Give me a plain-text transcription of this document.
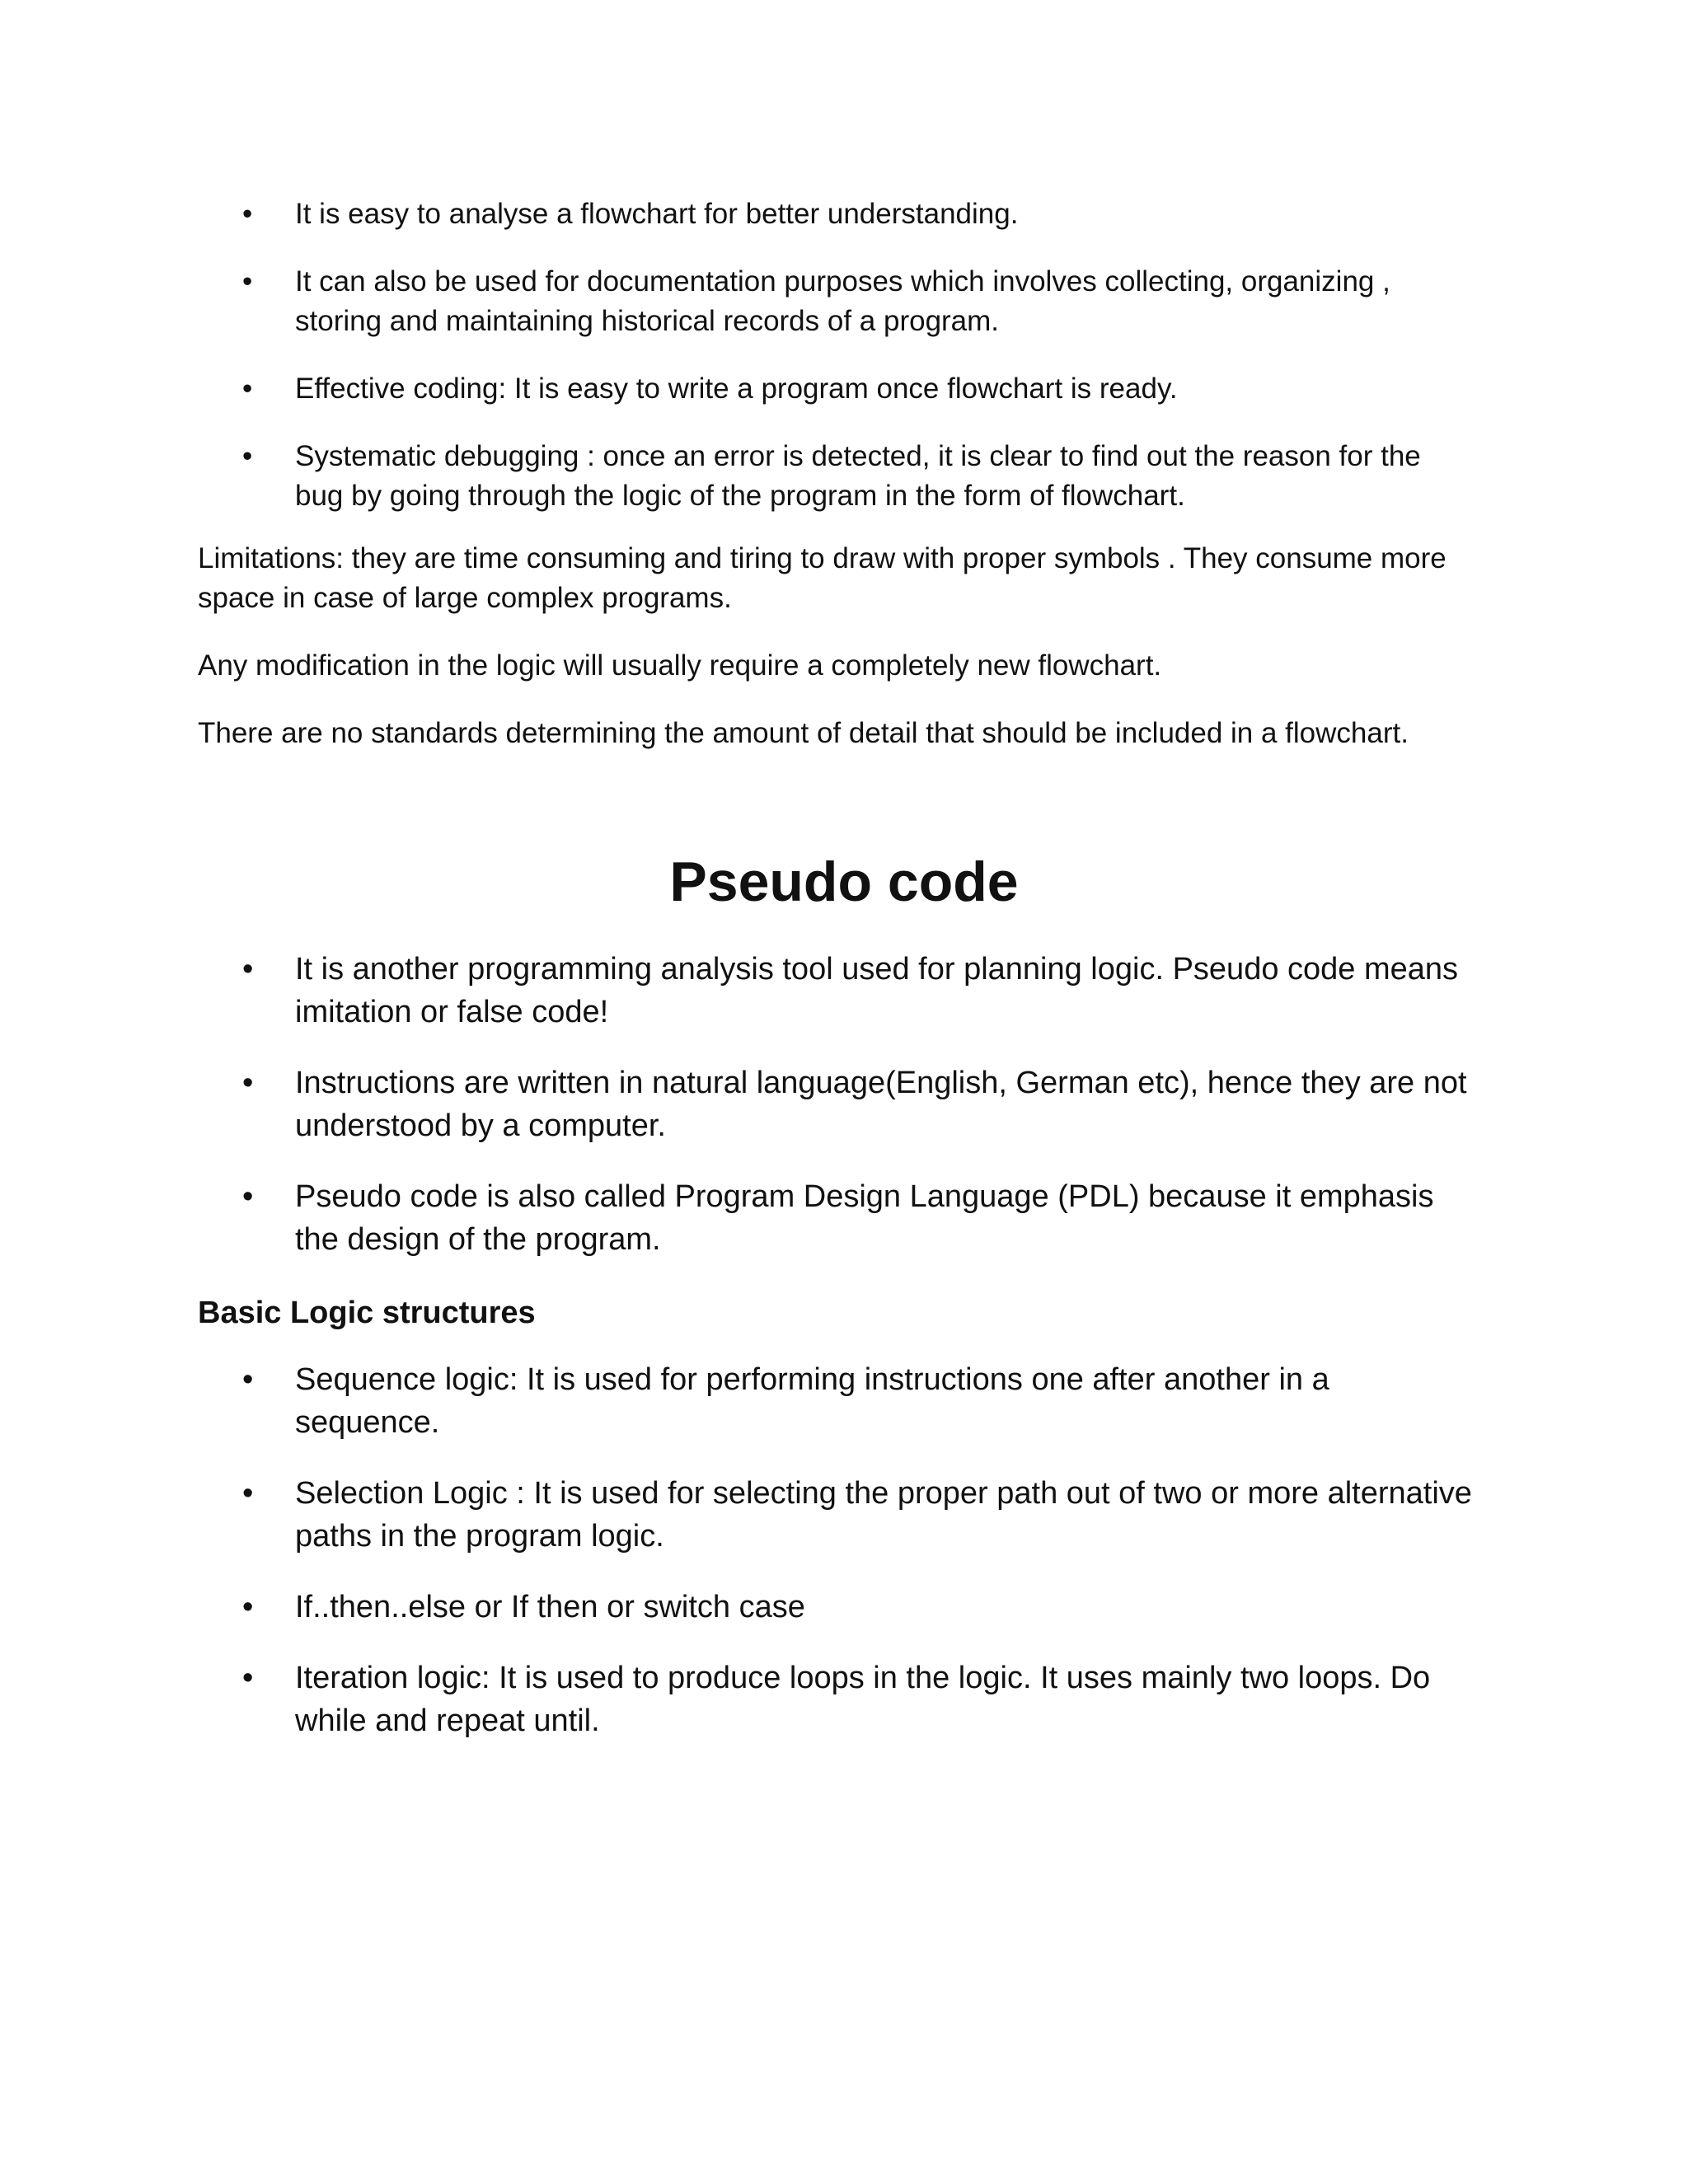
• It is easy to analyse a flowchart for better understanding.
• It can also be used for documentation purposes which involves collecting, organizing , storing and maintaining historical records of a program.
• Effective coding: It is easy to write a program once flowchart is ready.
• Systematic debugging : once an error is detected, it is clear to find out the reason for the bug by going through the logic of the program in the form of flowchart.

Limitations: they are time consuming and tiring to draw with proper symbols . They consume more space in case of large complex programs.

Any modification in the logic will usually require a completely new flowchart.

There are no standards determining the amount of detail that should be included in a flowchart.

Pseudo code
• It is another programming analysis tool used for planning logic. Pseudo code means imitation or false code!
• Instructions are written in natural language(English, German etc), hence they are not understood by a computer.
• Pseudo code is also called Program Design Language (PDL) because it emphasis the design of the program.
Basic Logic structures
• Sequence logic: It is used for performing instructions one after another in a sequence.
• Selection Logic : It is used for selecting the proper path out of two or more alternative paths in the program logic.
• If..then..else or If then or switch case
• Iteration logic: It is used to produce loops in the logic. It uses mainly two loops. Do while and repeat until.
